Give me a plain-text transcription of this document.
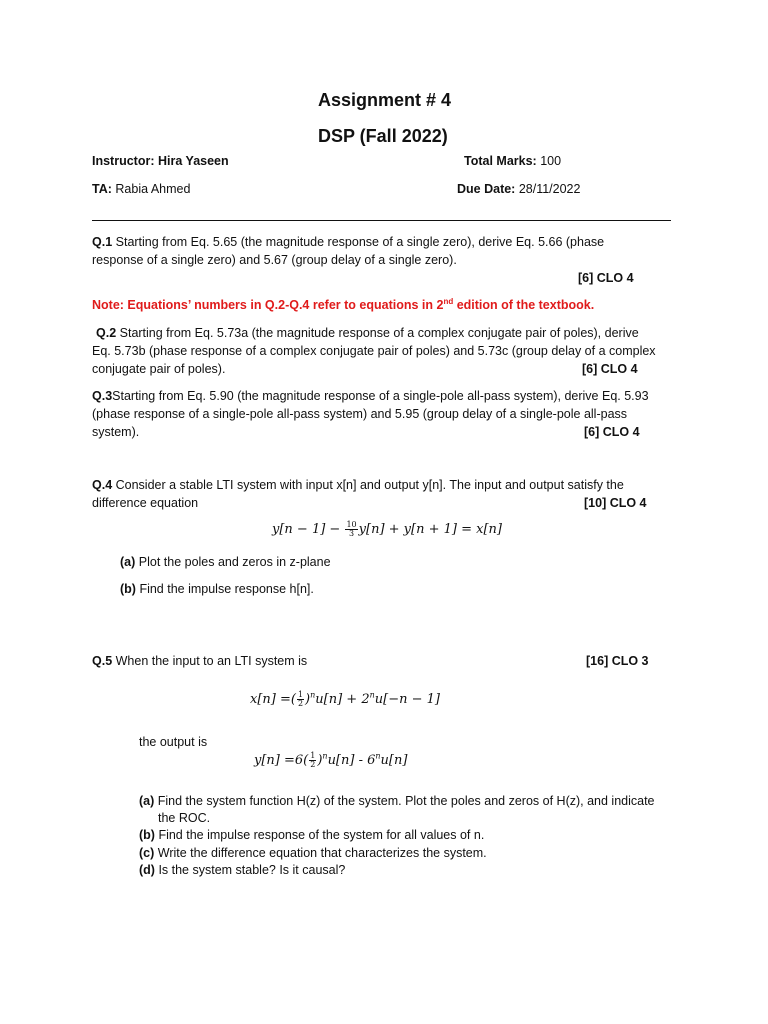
Assignment # 4
DSP (Fall 2022)
Instructor: Hira Yaseen	Total Marks: 100
TA: Rabia Ahmed	Due Date: 28/11/2022
Q.1 Starting from Eq. 5.65 (the magnitude response of a single zero), derive Eq. 5.66 (phase
response of a single zero) and 5.67 (group delay of a single zero).
[6] CLO 4
Note: Equations’ numbers in Q.2-Q.4 refer to equations in 2nd edition of the textbook.
Q.2 Starting from Eq. 5.73a (the magnitude response of a complex conjugate pair of poles), derive
Eq. 5.73b (phase response of a complex conjugate pair of poles) and 5.73c (group delay of a complex
conjugate pair of poles).	[6] CLO 4
Q.3Starting from Eq. 5.90 (the magnitude response of a single-pole all-pass system), derive Eq. 5.93
(phase response of a single-pole all-pass system) and 5.95 (group delay of a single-pole all-pass
system).	[6] CLO 4
Q.4 Consider a stable LTI system with input x[n] and output y[n]. The input and output satisfy the
difference equation	[10] CLO 4
$y[n - 1] - \frac{10}{3} y[n] + y[n + 1] = x[n]$
(a) Plot the poles and zeros in z-plane
(b) Find the impulse response h[n].
Q.5 When the input to an LTI system is	[16] CLO 3
x[n] =( $\frac{1}{2} )^nu[n] + 2^nu[-n - 1]$
the output is
$y[n] =6( \frac{1}{2} )^nu[n] - 6^nu[n]$
(a) Find the system function H(z) of the system. Plot the poles and zeros of H(z), and indicate
the ROC.
(b) Find the impulse response of the system for all values of n.
(c) Write the difference equation that characterizes the system.
(d) Is the system stable? Is it causal?
